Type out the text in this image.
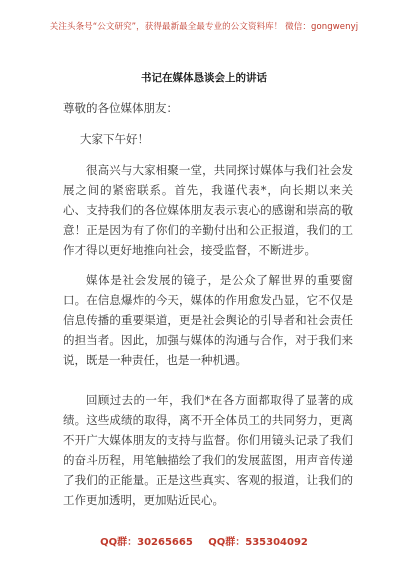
关注头条号“公文研究”，获得最新最全最专业的公文资料库！ 微信：gongwenyj
书记在媒体恳谈会上的讲话
尊敬的各位媒体朋友：
大家下午好！

很高兴与大家相聚一堂，共同探讨媒体与我们社会发展之间的紧密联系。首先，我谨代表*，向长期以来关心、支持我们的各位媒体朋友表示衷心的感谢和崇高的敬意！正是因为有了你们的辛勤付出和公正报道，我们的工作才得以更好地推向社会，接受监督，不断进步。

媒体是社会发展的镜子，是公众了解世界的重要窗口。在信息爆炸的今天，媒体的作用愈发凸显，它不仅是信息传播的重要渠道，更是社会舆论的引导者和社会责任的担当者。因此，加强与媒体的沟通与合作，对于我们来说，既是一种责任，也是一种机遇。

回顾过去的一年，我们*在各方面都取得了显著的成绩。这些成绩的取得，离不开全体员工的共同努力，更离不开广大媒体朋友的支持与监督。你们用镜头记录了我们的奋斗历程，用笔触描绘了我们的发展蓝图，用声音传递了我们的正能量。正是这些真实、客观的报道，让我们的工作更加透明，更加贴近民心。

QQ群：30265665 QQ群：535304092
